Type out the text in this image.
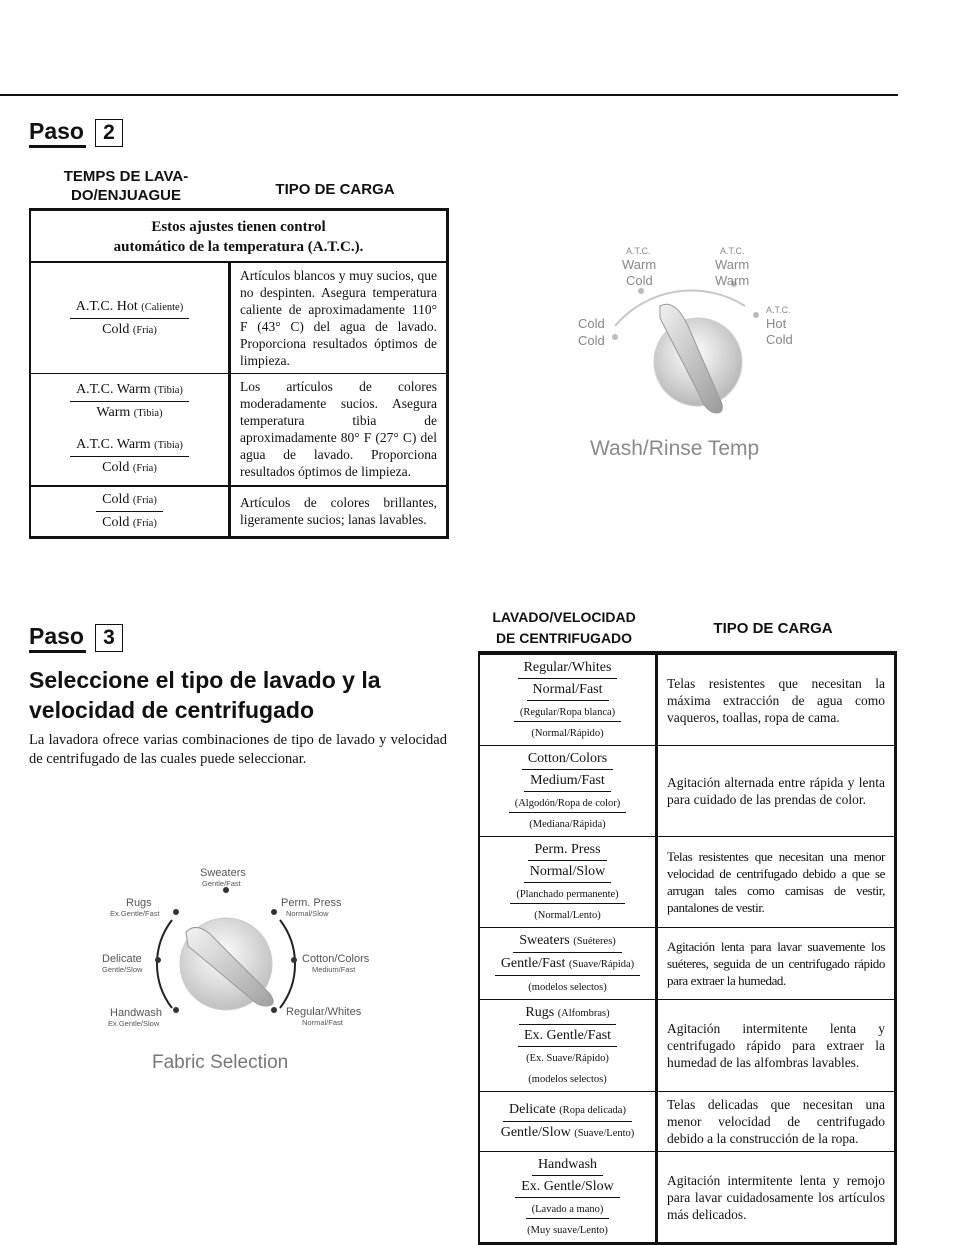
Paso 2
TEMPS DE LAVA-DO/ENJUAGUE	TIPO DE CARGA
Estos ajustes tienen control
automático de la temperatura (A.T.C.).	
A.T.C. Hot (Caliente)
Cold (Fría)	Artículos blancos y muy sucios, que no despinten. Asegura temperatura caliente de aproximadamente 110° F (43° C) del agua de lavado. Proporciona resultados óptimos de limpieza.
A.T.C. Warm (Tibia)
Warm (Tibia)

A.T.C. Warm (Tibia)
Cold (Fría)	Los artículos de colores moderadamente sucios. Asegura temperatura tibia de aproximadamente 80° F (27° C) del agua de lavado. Proporciona resultados óptimos de limpieza.
Cold (Fría)
Cold (Fría)	Artículos de colores brillantes, ligeramente sucios; lanas lavables.
Cold
Cold
A.T.C.
Warm
Cold
A.T.C.
Warm
Warm
A.T.C.
Hot
Cold
Wash/Rinse Temp
Paso 3
Seleccione el tipo de lavado y la velocidad de centrifugado
La lavadora ofrece varias combinaciones de tipo de lavado y velocidad de centrifugado de las cuales puede seleccionar.
LAVADO/VELOCIDAD
DE CENTRIFUGADO
TIPO DE CARGA
Regular/Whites
Normal/Fast
(Regular/Ropa blanca)
(Normal/Rápido)	Telas resistentes que necesitan la máxima extracción de agua como vaqueros, toallas, ropa de cama.
Cotton/Colors
Medium/Fast
(Algodón/Ropa de color)
(Mediana/Rápida)	Agitación alternada entre rápida y lenta para cuidado de las prendas de color.
Perm. Press
Normal/Slow
(Planchado permanente)
(Normal/Lento)	Telas resistentes que necesitan una menor velocidad de centrifugado debido a que se arrugan tales como camisas de vestir, pantalones de vestir.
Sweaters (Suéteres)
Gentle/Fast (Suave/Rápida)
(modelos selectos)	Agitación lenta para lavar suavemente los suéteres, seguida de un centrifugado rápido para extraer la humedad.
Rugs (Alfombras)
Ex. Gentle/Fast
(Ex. Suave/Rápido)
(modelos selectos)	Agitación intermitente lenta y centrifugado rápido para extraer la humedad de las alfombras lavables.
Delicate (Ropa delicada)
Gentle/Slow (Suave/Lento)	Telas delicadas que necesitan una menor velocidad de centrifugado debido a la construcción de la ropa.
Handwash
Ex. Gentle/Slow
(Lavado a mano)
(Muy suave/Lento)	Agitación intermitente lenta y remojo para lavar cuidadosamente los artículos más delicados.
Sweaters
Gentle/Fast
Perm. Press
Normal/Slow
Cotton/Colors
Medium/Fast
Regular/Whites
Normal/Fast
Handwash
Ex.Gentle/Slow
Delicate
Gentle/Slow
Rugs
Ex.Gentle/Fast
Fabric Selection
